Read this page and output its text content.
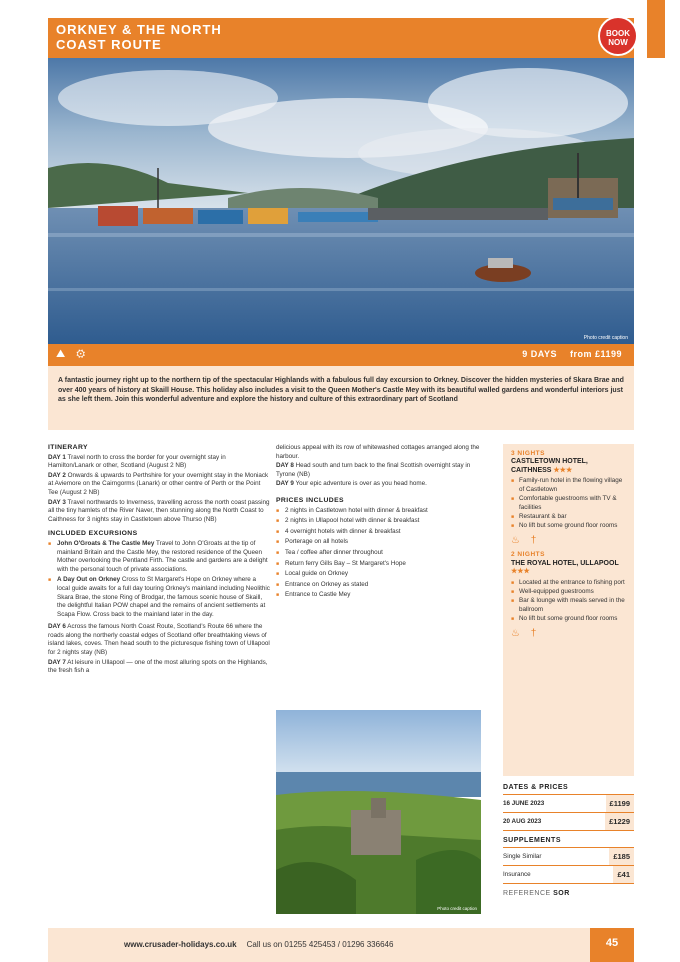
ORKNEY & THE NORTH
COAST ROUTE
BOOK
NOW
Photo credit caption
⛰ ⚙	9 DAYS from £1199
A fantastic journey right up to the northern tip of the spectacular Highlands with a fabulous full day excursion to Orkney. Discover the hidden mysteries of Skara Brae and over 400 years of history at Skaill House. This holiday also includes a visit to the Queen Mother's Castle Mey with its beautiful walled gardens and wonderful interiors just as she left them. Join this wonderful adventure and explore the history and culture of this extraordinary part of Scotland
ITINERARY
DAY 1 Travel north to cross the border for your overnight stay in Hamilton/Lanark or other, Scotland (August 2 NB)
DAY 2 Onwards & upwards to Perthshire for your overnight stay in the Moniack at Aviemore on the Cairngorms (Lanark) or other centre of Perth or the Point Tee (August 2 NB)
DAY 3 Travel northwards to Inverness, travelling across the north coast passing all the tiny hamlets of the River Naver, then stunning along the North Coast to Caithness for 3 nights stay in Castletown above Thurso (NB)
INCLUDED EXCURSIONS
■ John O'Groats & The Castle Mey Travel to John O'Groats at the tip of mainland Britain and the Castle Mey, the restored residence of the Queen Mother overlooking the Pentland Firth. The castle and gardens are a delight with the personal touch of private associations.
■ A Day Out on Orkney Cross to St Margaret's Hope on Orkney where a local guide awaits for a full day touring Orkney's mainland including Neolithic Skara Brae, the stone Ring of Brodgar, the famous scenic house of Skaill, the delightful Italian POW chapel and the remains of ancient settlements at Scapa Flow. Cross back to the mainland later in the day.
DAY 6 Across the famous North Coast Route, Scotland's Route 66 where the roads along the northerly coastal edges of Scotland offer breathtaking views of island lakes, coves. Then head south to the picturesque fishing town of Ullapool for 2 nights stay (NB)
DAY 7 At leisure in Ullapool — one of the most alluring spots on the Highlands, the fresh fish a
delicious appeal with its row of whitewashed cottages arranged along the harbour.
DAY 8 Head south and turn back to the final Scottish overnight stay in Tyrone (NB)
DAY 9 Your epic adventure is over as you head home.
PRICES INCLUDES
■ 2 nights in Castletown hotel with dinner & breakfast
■ 2 nights in Ullapool hotel with dinner & breakfast
■ 4 overnight hotels with dinner & breakfast
■ Porterage on all hotels
■ Tea / coffee after dinner throughout
■ Return ferry Gills Bay – St Margaret's Hope
■ Local guide on Orkney
■ Entrance on Orkney as stated
■ Entrance to Castle Mey
Photo credit caption
3 NIGHTS
CASTLETOWN HOTEL, CAITHNESS ★★★
■ Family-run hotel in the flowing village of Castletown
■ Comfortable guestrooms with TV & facilities
■ Restaurant & bar
■ No lift but some ground floor rooms
♨ †
2 NIGHTS
THE ROYAL HOTEL, ULLAPOOL ★★★
■ Located at the entrance to fishing port
■ Well-equipped guestrooms
■ Bar & lounge with meals served in the ballroom
■ No lift but some ground floor rooms
♨ †
DATES & PRICES
16 JUNE 2023	£1199
20 AUG 2023	£1229
SUPPLEMENTS
Single Similar	£185
Insurance	£41
REFERENCE SOR
www.crusader-holidays.co.uk Call us on 01255 425453 / 01296 336646	45
